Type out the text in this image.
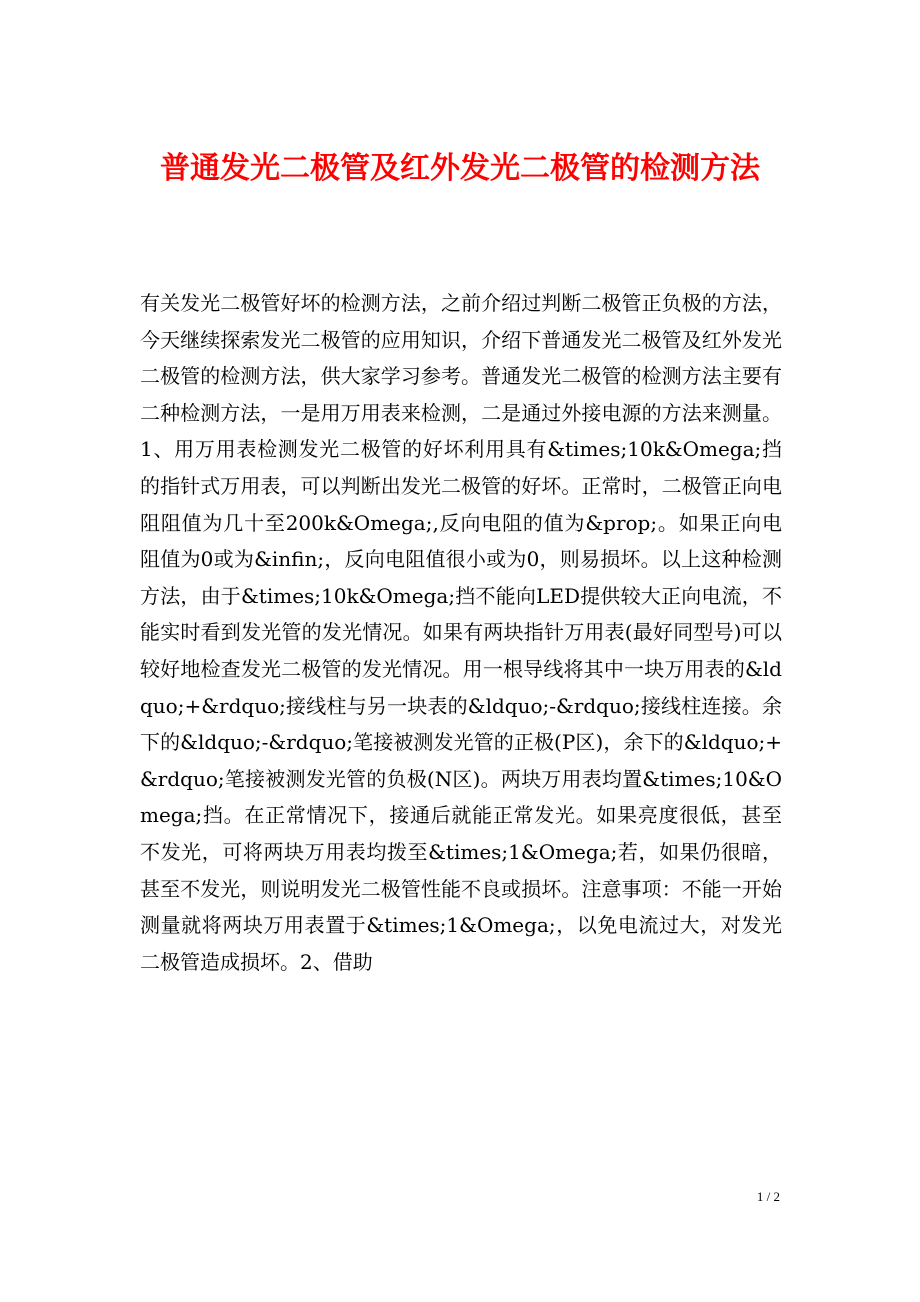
普通发光二极管及红外发光二极管的检测方法

有关发光二极管好坏的检测方法，之前介绍过判断二极管正负极的方法，今天继续探索发光二极管的应用知识，介绍下普通发光二极管及红外发光二极管的检测方法，供大家学习参考。普通发光二极管的检测方法主要有二种检测方法，一是用万用表来检测，二是通过外接电源的方法来测量。1、用万用表检测发光二极管的好坏利用具有&times;10k&Omega;挡的指针式万用表，可以判断出发光二极管的好坏。正常时，二极管正向电阻阻值为几十至200k&Omega;,反向电阻的值为&prop;。如果正向电阻值为0或为&infin;，反向电阻值很小或为0，则易损坏。以上这种检测方法，由于&times;10k&Omega;挡不能向LED提供较大正向电流，不能实时看到发光管的发光情况。如果有两块指针万用表(最好同型号)可以较好地检查发光二极管的发光情况。用一根导线将其中一块万用表的&ldquo;+&rdquo;接线柱与另一块表的&ldquo;-&rdquo;接线柱连接。余下的&ldquo;-&rdquo;笔接被测发光管的正极(P区)，余下的&ldquo;+&rdquo;笔接被测发光管的负极(N区)。两块万用表均置&times;10&Omega;挡。在正常情况下，接通后就能正常发光。如果亮度很低，甚至不发光，可将两块万用表均拨至&times;1&Omega;若，如果仍很暗，甚至不发光，则说明发光二极管性能不良或损坏。注意事项：不能一开始测量就将两块万用表置于&times;1&Omega;，以免电流过大，对发光二极管造成损坏。2、借助

1 / 2
